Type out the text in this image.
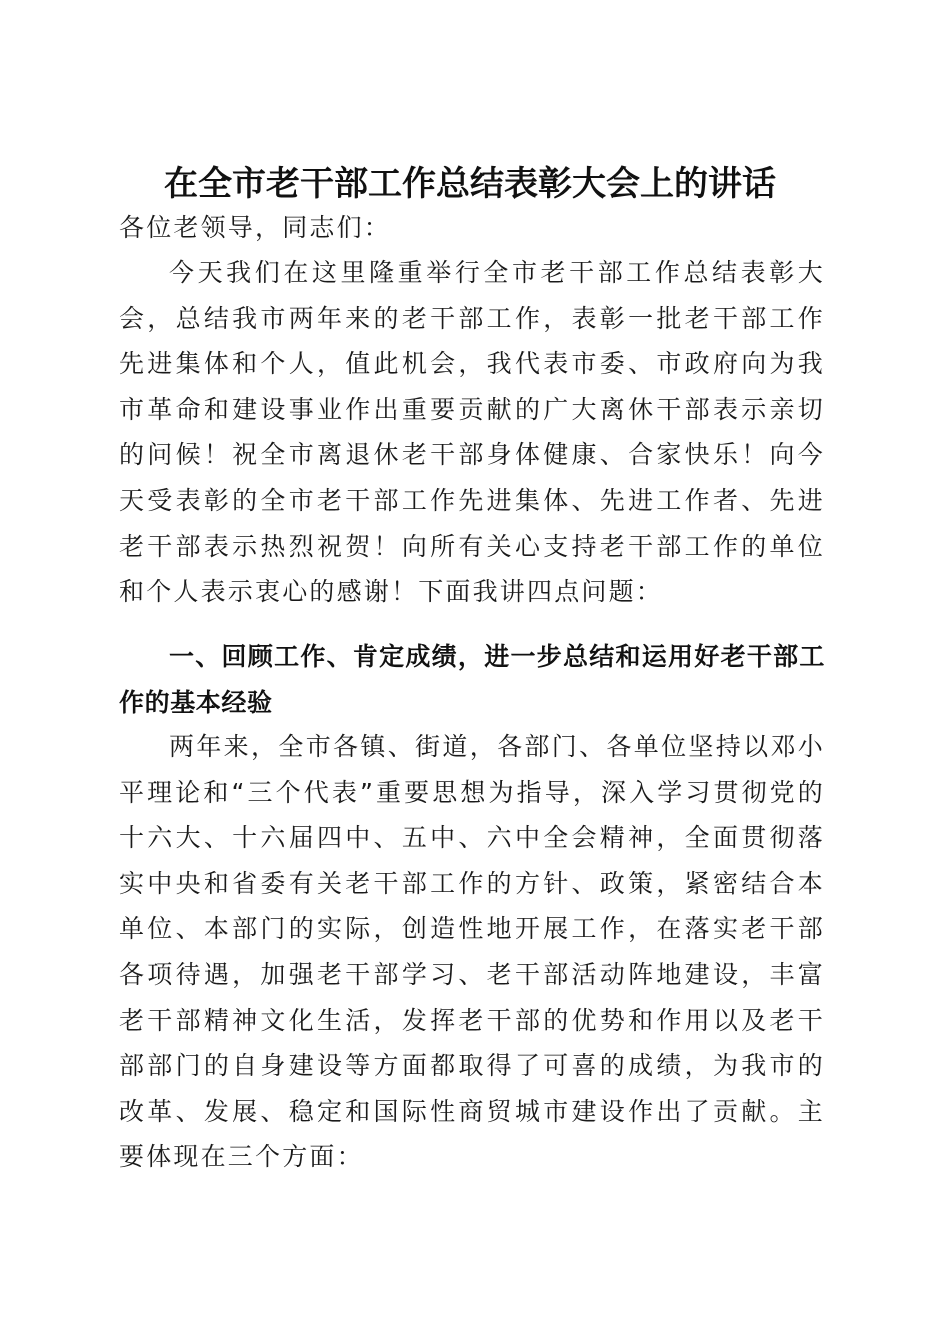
在全市老干部工作总结表彰大会上的讲话

各位老领导，同志们：

今天我们在这里隆重举行全市老干部工作总结表彰大会，总结我市两年来的老干部工作，表彰一批老干部工作先进集体和个人，值此机会，我代表市委、市政府向为我市革命和建设事业作出重要贡献的广大离休干部表示亲切的问候！祝全市离退休老干部身体健康、合家快乐！向今天受表彰的全市老干部工作先进集体、先进工作者、先进老干部表示热烈祝贺！向所有关心支持老干部工作的单位和个人表示衷心的感谢！下面我讲四点问题：

一、回顾工作、肯定成绩，进一步总结和运用好老干部工作的基本经验

两年来，全市各镇、街道，各部门、各单位坚持以邓小平理论和“三个代表”重要思想为指导，深入学习贯彻党的十六大、十六届四中、五中、六中全会精神，全面贯彻落实中央和省委有关老干部工作的方针、政策，紧密结合本单位、本部门的实际，创造性地开展工作，在落实老干部各项待遇，加强老干部学习、老干部活动阵地建设，丰富老干部精神文化生活，发挥老干部的优势和作用以及老干部部门的自身建设等方面都取得了可喜的成绩，为我市的改革、发展、稳定和国际性商贸城市建设作出了贡献。主要体现在三个方面：
